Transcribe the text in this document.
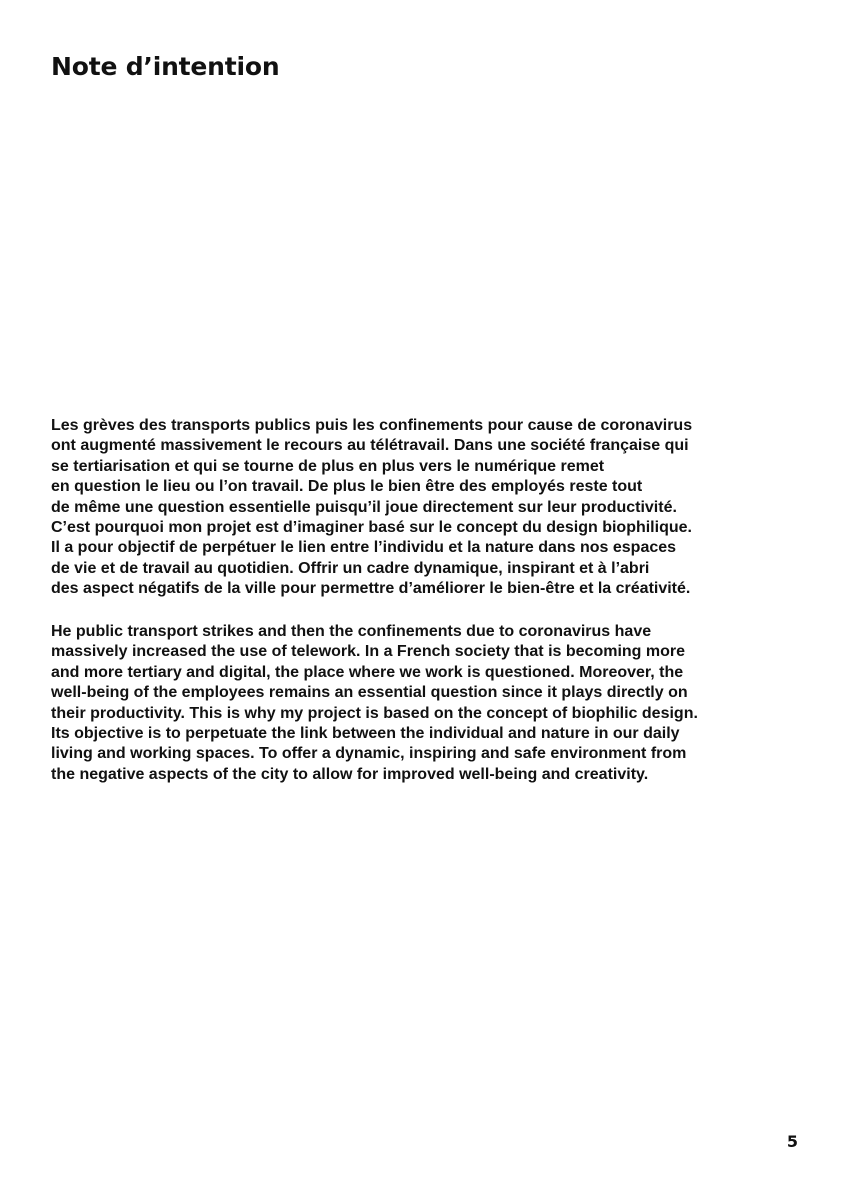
Note d’intention

Les grèves des transports publics puis les confinements pour cause de coronavirus
ont augmenté massivement le recours au télétravail. Dans une société française qui
se tertiarisation et qui se tourne de plus en plus vers le numérique remet
en question le lieu ou l’on travail. De plus le bien être des employés reste tout
de même une question essentielle puisqu’il joue directement sur leur productivité.
C’est pourquoi mon projet est d’imaginer basé sur le concept du design biophilique.
Il a pour objectif de perpétuer le lien entre l’individu et la nature dans nos espaces
de vie et de travail au quotidien. Offrir un cadre dynamique, inspirant et à l’abri
des aspect négatifs de la ville pour permettre d’améliorer le bien-être et la créativité.

He public transport strikes and then the confinements due to coronavirus have
massively increased the use of telework. In a French society that is becoming more
and more tertiary and digital, the place where we work is questioned. Moreover, the
well-being of the employees remains an essential question since it plays directly on
their productivity. This is why my project is based on the concept of biophilic design.
Its objective is to perpetuate the link between the individual and nature in our daily
living and working spaces. To offer a dynamic, inspiring and safe environment from
the negative aspects of the city to allow for improved well-being and creativity.

5
